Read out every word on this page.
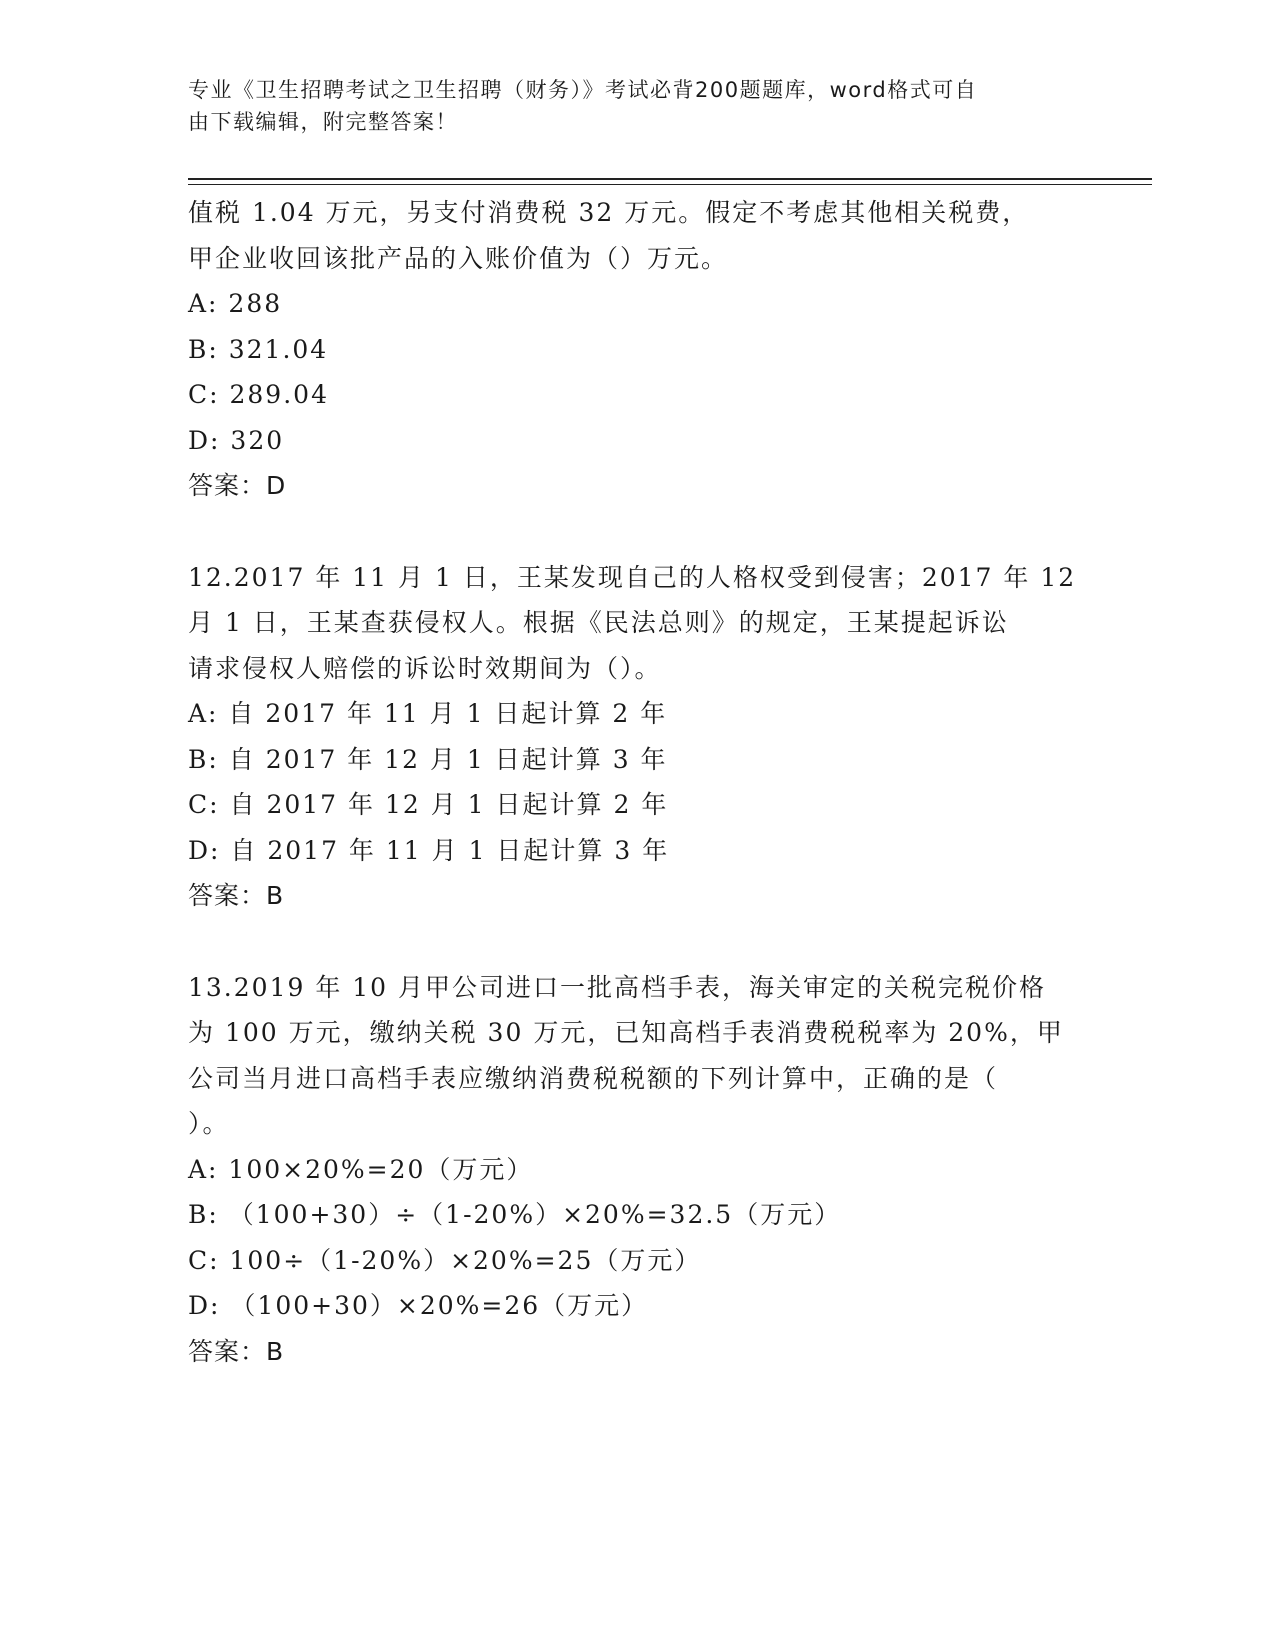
专业《卫生招聘考试之卫生招聘（财务）》考试必背200题题库，word格式可自
由下载编辑，附完整答案！
值税 1.04 万元，另支付消费税 32 万元。假定不考虑其他相关税费，
甲企业收回该批产品的入账价值为（）万元。
A: 288
B: 321.04
C: 289.04
D: 320
答案：D
12.2017 年 11 月 1 日，王某发现自己的人格权受到侵害；2017 年 12
月 1 日，王某查获侵权人。根据《民法总则》的规定，王某提起诉讼
请求侵权人赔偿的诉讼时效期间为（）。
A: 自 2017 年 11 月 1 日起计算 2 年
B: 自 2017 年 12 月 1 日起计算 3 年
C: 自 2017 年 12 月 1 日起计算 2 年
D: 自 2017 年 11 月 1 日起计算 3 年
答案：B
13.2019 年 10 月甲公司进口一批高档手表，海关审定的关税完税价格
为 100 万元，缴纳关税 30 万元，已知高档手表消费税税率为 20%，甲
公司当月进口高档手表应缴纳消费税税额的下列计算中，正确的是（
）。
A: 100×20%=20（万元）
B: （100+30）÷（1-20%）×20%=32.5（万元）
C: 100÷（1-20%）×20%=25（万元）
D: （100+30）×20%=26（万元）
答案：B
